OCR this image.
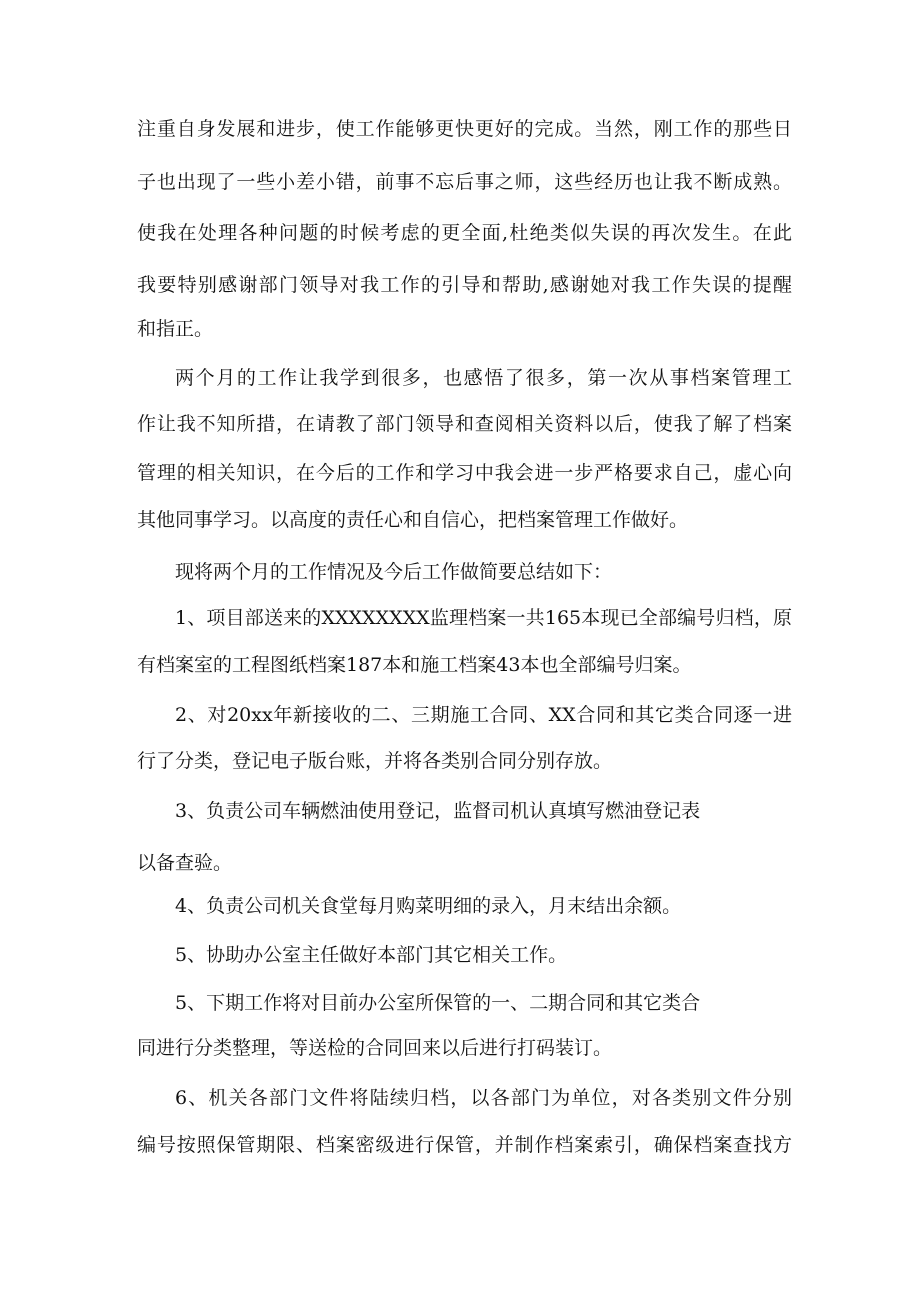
注重自身发展和进步，使工作能够更快更好的完成。当然，刚工作的那些日
子也出现了一些小差小错，前事不忘后事之师，这些经历也让我不断成熟。
使我在处理各种问题的时候考虑的更全面,杜绝类似失误的再次发生。在此
我要特别感谢部门领导对我工作的引导和帮助,感谢她对我工作失误的提醒
和指正。
两个月的工作让我学到很多，也感悟了很多，第一次从事档案管理工
作让我不知所措，在请教了部门领导和查阅相关资料以后，使我了解了档案
管理的相关知识，在今后的工作和学习中我会进一步严格要求自己，虚心向
其他同事学习。以高度的责任心和自信心，把档案管理工作做好。
现将两个月的工作情况及今后工作做简要总结如下：
1、项目部送来的XXXXXXXX监理档案一共165本现已全部编号归档，原
有档案室的工程图纸档案187本和施工档案43本也全部编号归案。
2、对20xx年新接收的二、三期施工合同、XX合同和其它类合同逐一进
行了分类，登记电子版台账，并将各类别合同分别存放。
3、负责公司车辆燃油使用登记，监督司机认真填写燃油登记表
以备查验。
4、负责公司机关食堂每月购菜明细的录入，月末结出余额。
5、协助办公室主任做好本部门其它相关工作。
5、下期工作将对目前办公室所保管的一、二期合同和其它类合
同进行分类整理，等送检的合同回来以后进行打码装订。
6、机关各部门文件将陆续归档，以各部门为单位，对各类别文件分别
编号按照保管期限、档案密级进行保管，并制作档案索引，确保档案查找方
